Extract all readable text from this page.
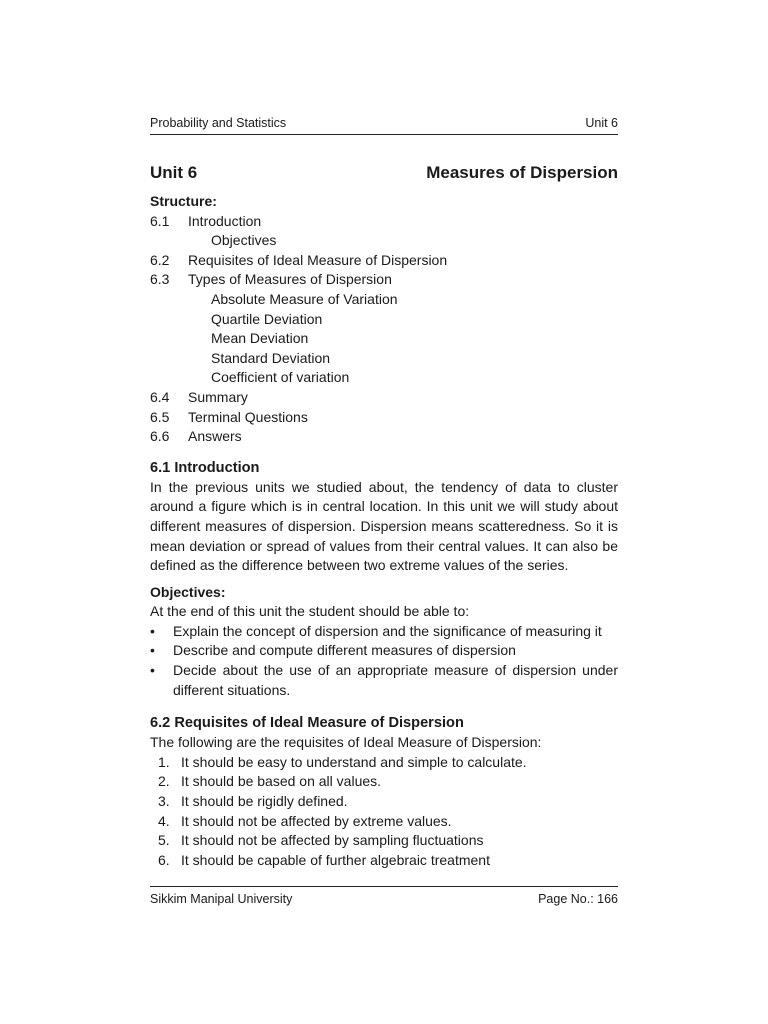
Probability and Statistics	Unit 6
Unit 6	Measures of Dispersion
Structure:
6.1	Introduction
Objectives
6.2	Requisites of Ideal Measure of Dispersion
6.3	Types of Measures of Dispersion
Absolute Measure of Variation
Quartile Deviation
Mean Deviation
Standard Deviation
Coefficient of variation
6.4	Summary
6.5	Terminal Questions
6.6	Answers
6.1 Introduction
In the previous units we studied about, the tendency of data to cluster around a figure which is in central location. In this unit we will study about different measures of dispersion. Dispersion means scatteredness. So it is mean deviation or spread of values from their central values. It can also be defined as the difference between two extreme values of the series.
Objectives:
At the end of this unit the student should be able to:
• Explain the concept of dispersion and the significance of measuring it
• Describe and compute different measures of dispersion
• Decide about the use of an appropriate measure of dispersion under different situations.
6.2 Requisites of Ideal Measure of Dispersion
The following are the requisites of Ideal Measure of Dispersion:
1. It should be easy to understand and simple to calculate.
2. It should be based on all values.
3. It should be rigidly defined.
4. It should not be affected by extreme values.
5. It should not be affected by sampling fluctuations
6. It should be capable of further algebraic treatment
Sikkim Manipal University	Page No.: 166
